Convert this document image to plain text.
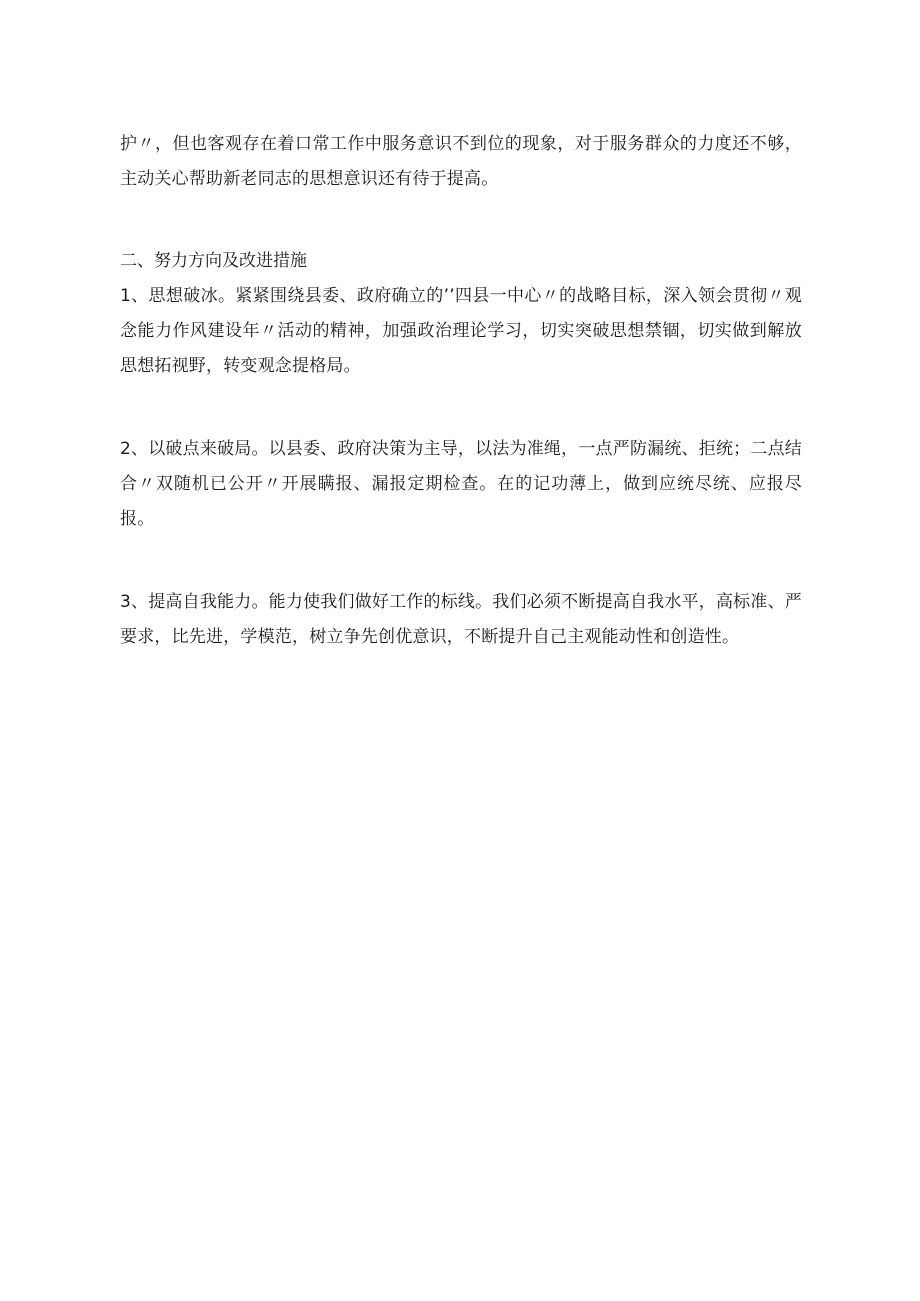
护〃，但也客观存在着口常工作中服务意识不到位的现象，对于服务群众的力度还不够，主动关心帮助新老同志的思想意识还有待于提高。

二、努力方向及改进措施

1、思想破冰。紧紧围绕县委、政府确立的’’四县一中心〃的战略目标，深入领会贯彻〃观念能力作风建设年〃活动的精神，加强政治理论学习，切实突破思想禁锢，切实做到解放思想拓视野，转变观念提格局。

2、以破点来破局。以县委、政府决策为主导，以法为准绳，一点严防漏统、拒统；二点结合〃双随机已公开〃开展瞒报、漏报定期检查。在的记功薄上，做到应统尽统、应报尽报。

3、提高自我能力。能力使我们做好工作的标线。我们必须不断提高自我水平，高标准、严要求，比先进，学模范，树立争先创优意识，不断提升自己主观能动性和创造性。
